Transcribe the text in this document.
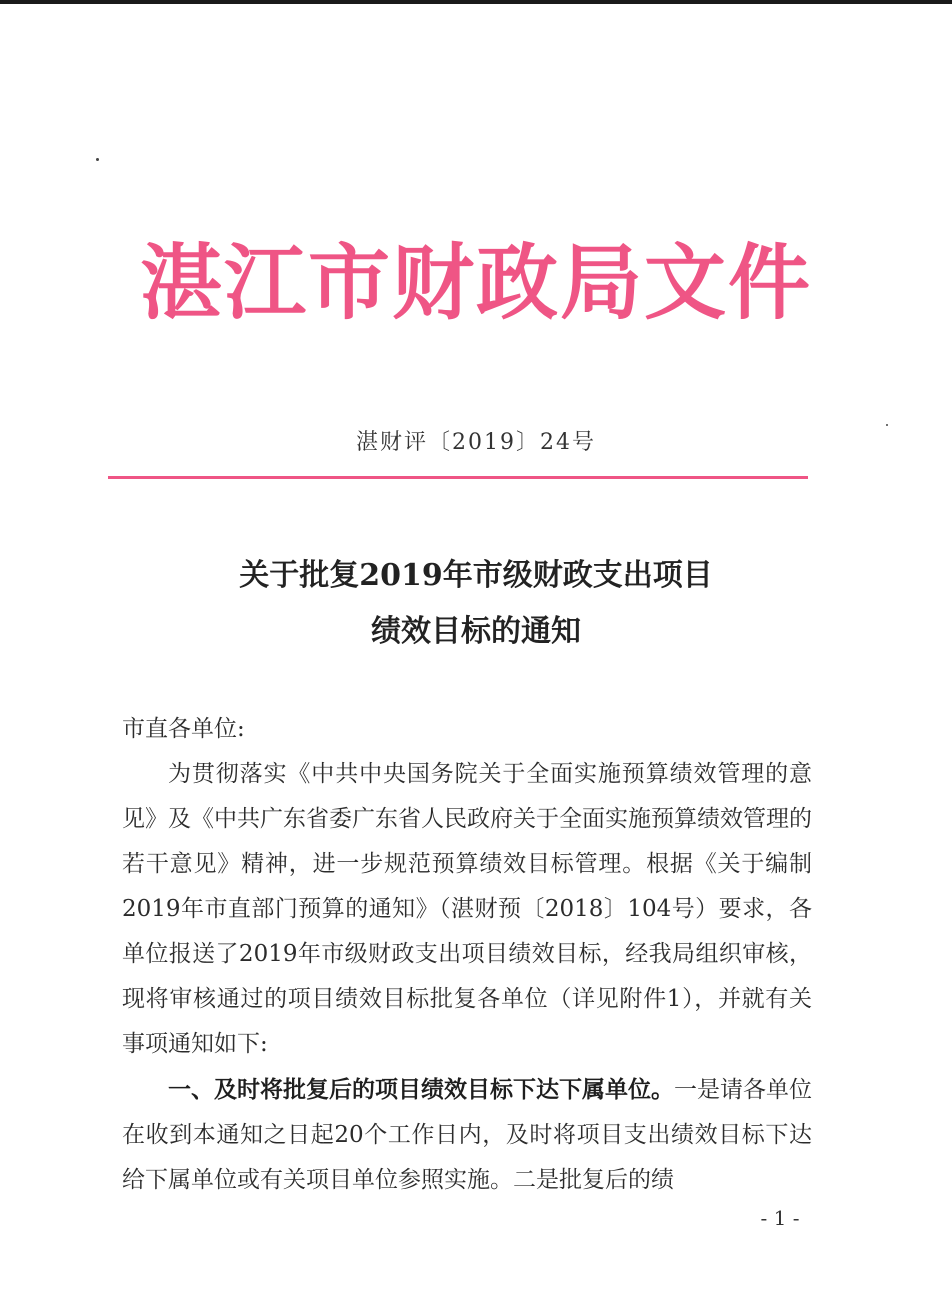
湛江市财政局文件
湛财评〔2019〕24号
关于批复2019年市级财政支出项目
绩效目标的通知

市直各单位:

为贯彻落实《中共中央国务院关于全面实施预算绩效管理的意见》及《中共广东省委广东省人民政府关于全面实施预算绩效管理的若干意见》精神，进一步规范预算绩效目标管理。根据《关于编制2019年市直部门预算的通知》（湛财预〔2018〕104号）要求，各单位报送了2019年市级财政支出项目绩效目标，经我局组织审核，现将审核通过的项目绩效目标批复各单位（详见附件1），并就有关事项通知如下:

一、及时将批复后的项目绩效目标下达下属单位。一是请各单位在收到本通知之日起20个工作日内，及时将项目支出绩效目标下达给下属单位或有关项目单位参照实施。二是批复后的绩

- 1 -
